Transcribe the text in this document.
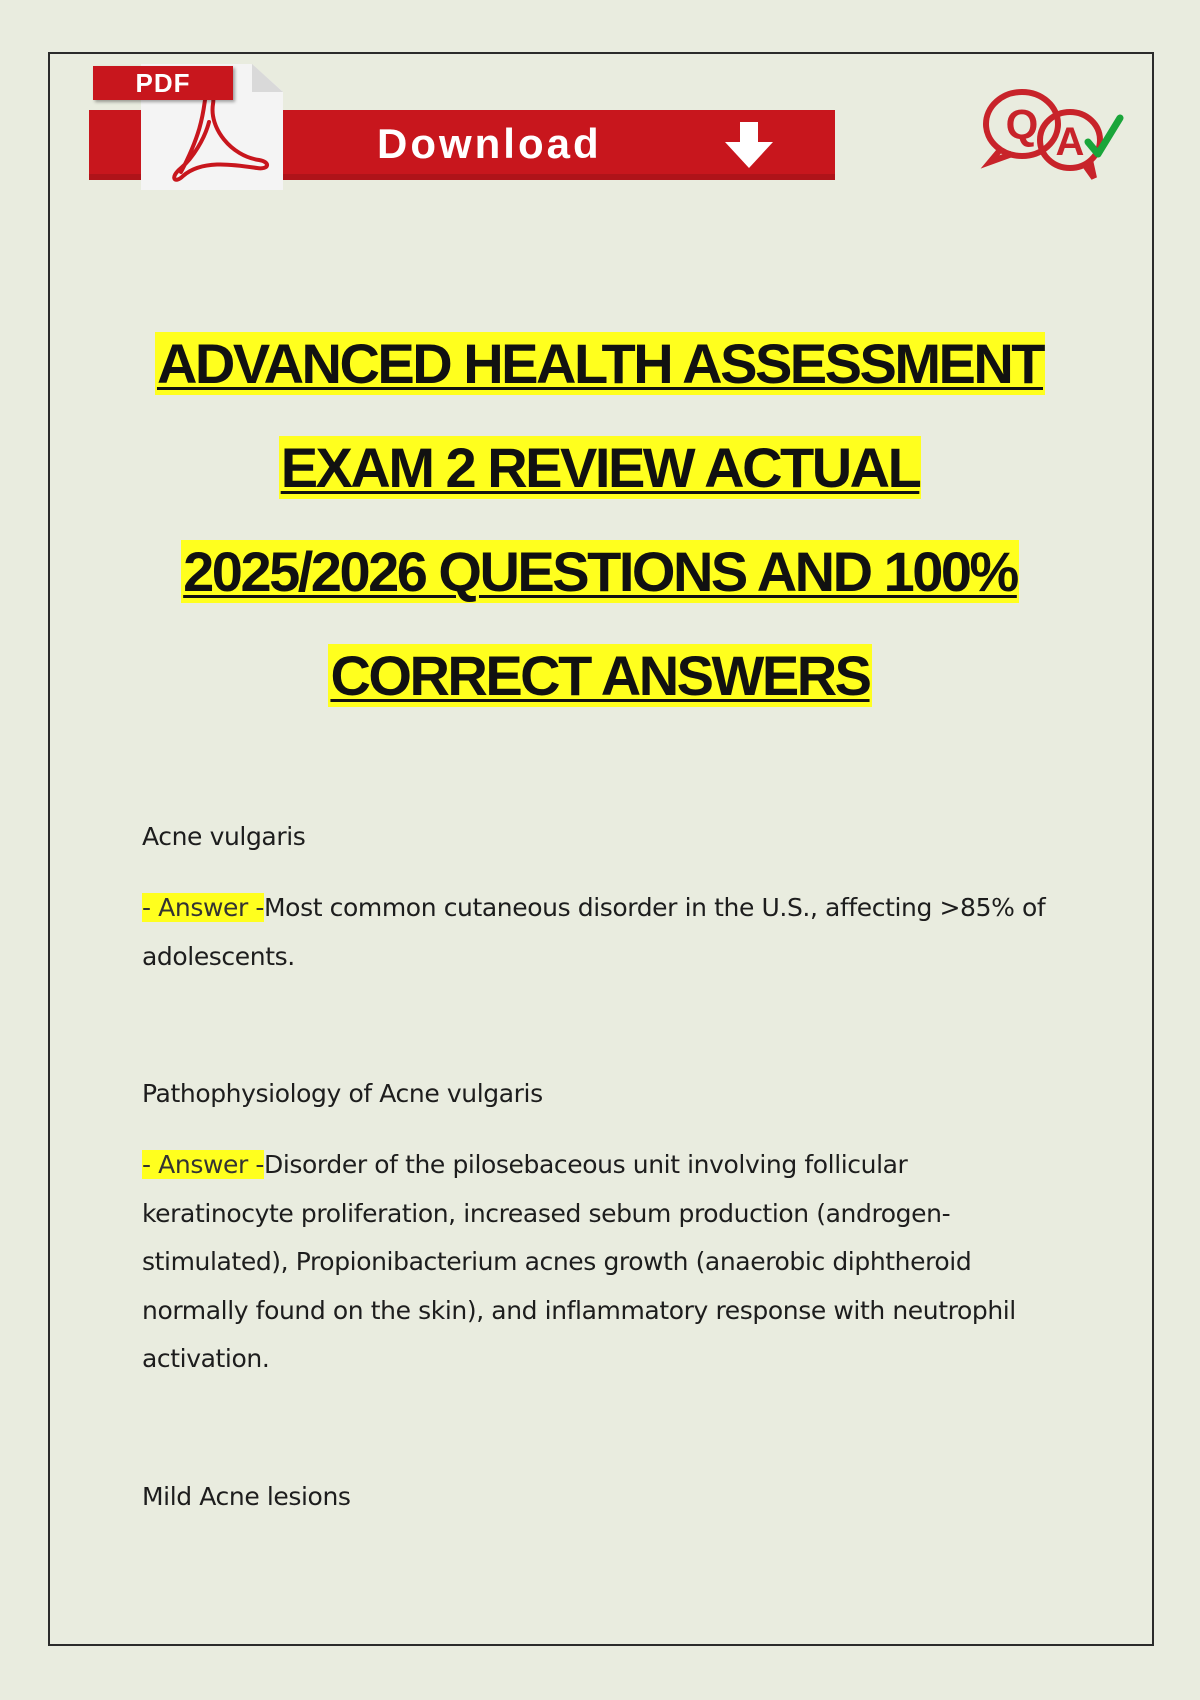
Download
PDF
Q A
ADVANCED HEALTH ASSESSMENT
EXAM 2 REVIEW ACTUAL
2025/2026 QUESTIONS AND 100%
CORRECT ANSWERS
Acne vulgaris
- Answer -Most common cutaneous disorder in the U.S., affecting >85% of adolescents.
Pathophysiology of Acne vulgaris
- Answer -Disorder of the pilosebaceous unit involving follicular keratinocyte proliferation, increased sebum production (androgen-stimulated), Propionibacterium acnes growth (anaerobic diphtheroid normally found on the skin), and inflammatory response with neutrophil activation.
Mild Acne lesions
